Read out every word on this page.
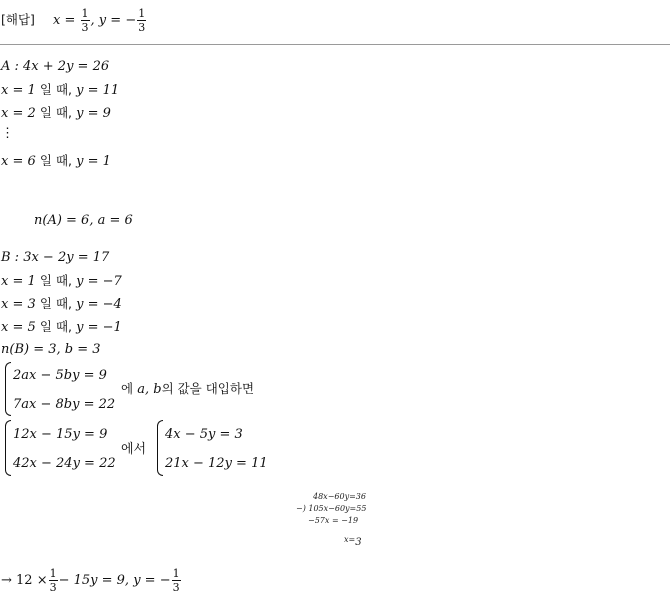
[해답] $x = \frac{1}{3}$ , y = − $\frac{1}{3}$
A : 4x + 2y = 26
x = 1 일 때, y = 11
x = 2 일 때, y = 9
⋮
x = 6 일 때, y = 1
n(A) = 6, a = 6
B : 3x − 2y = 17
x = 1 일 때, y = −7
x = 3 일 때, y = −4
x = 5 일 때, y = −1
n(B) = 3, b = 3
2ax − 5by = 9
7ax − 8by = 22
에 a, b의 값을 대입하면
12x − 15y = 9
42x − 24y = 22
에서
4x − 5y = 3
21x − 12y = 11
48x−60y=36
−) 105x−60y=55
−57x = −19
x=3
→ $12 \times \frac{1}{3} - 15y = 9$, y = − $\frac{1}{3}$
